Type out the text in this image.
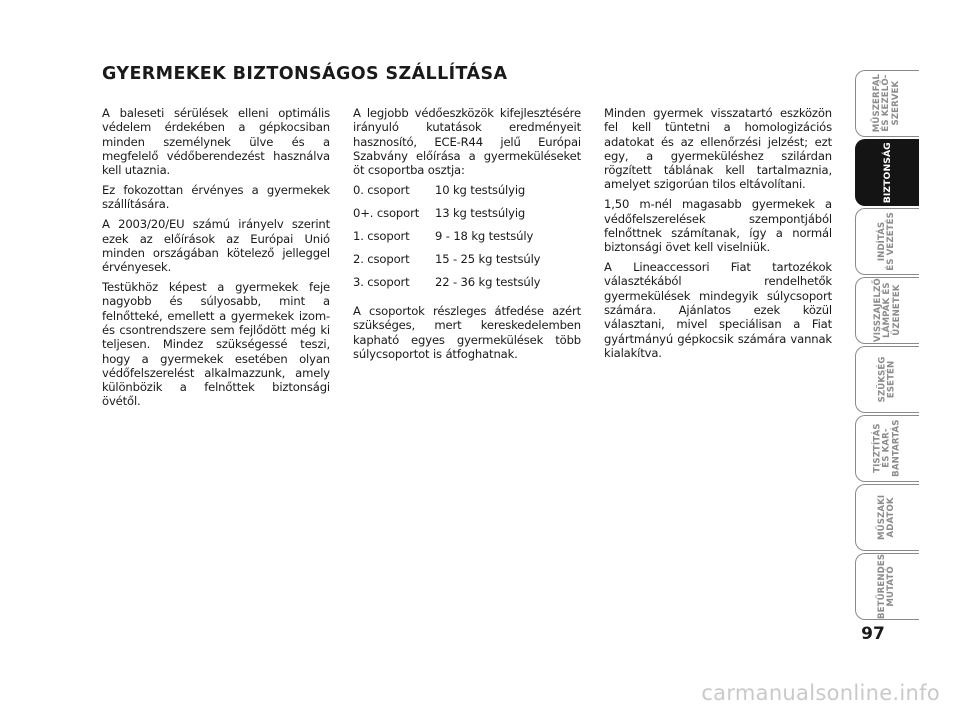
GYERMEKEK BIZTONSÁGOS SZÁLLÍTÁSA

A baleseti sérülések elleni optimális védelem érdekében a gépkocsiban minden személynek ülve és a megfelelő védőberendezést használva kell utaznia.

Ez fokozottan érvényes a gyermekek szállítására.

A 2003/20/EU számú irányelv szerint ezek az előírások az Európai Unió minden országában kötelező jelleggel érvényesek.

Testükhöz képest a gyermekek feje nagyobb és súlyosabb, mint a felnőtteké, emellett a gyermekek izom- és csontrendszere sem fejlődött még ki teljesen. Mindez szükségessé teszi, hogy a gyermekek esetében olyan védőfelszerelést alkalmazzunk, amely különbözik a felnőttek biztonsági övétől.

A legjobb védőeszközök kifejlesztésére irányuló kutatások eredményeit hasznosító, ECE-R44 jelű Európai Szabvány előírása a gyermeküléseket öt csoportba osztja:

0. csoport	10 kg testsúlyig
0+. csoport	13 kg testsúlyig
1. csoport	9 - 18 kg testsúly
2. csoport	15 - 25 kg testsúly
3. csoport	22 - 36 kg testsúly

A csoportok részleges átfedése azért szükséges, mert kereskedelemben kapható egyes gyermekülések több súlycsoportot is átfoghatnak.

Minden gyermek visszatartó eszközön fel kell tüntetni a homologizációs adatokat és az ellenőrzési jelzést; ezt egy, a gyermeküléshez szilárdan rögzített táblának kell tartalmaznia, amelyet szigorúan tilos eltávolítani.

1,50 m-nél magasabb gyermekek a védőfelszerelések szempontjából felnőttnek számítanak, így a normál biztonsági övet kell viselniük.

A Lineaccessori Fiat tartozékok választékából rendelhetők gyermekülések mindegyik súlycsoport számára. Ajánlatos ezek közül választani, mivel speciálisan a Fiat gyártmányú gépkocsik számára vannak kialakítva.

MŰSZERFAL
ÉS KEZELŐ-
SZERVEK
BIZTONSÁG
INDÍTÁS
ÉS VEZETÉS
VISSZAJELZŐ
LÁMPÁK ÉS
ÜZENETEK
SZÜKSÉG
ESETÉN
TISZTÍTÁS
ÉS KAR-
BANTARTÁS
MŰSZAKI
ADATOK
BETŰRENDES
MUTATÓ
97
carmanualsonline.info
